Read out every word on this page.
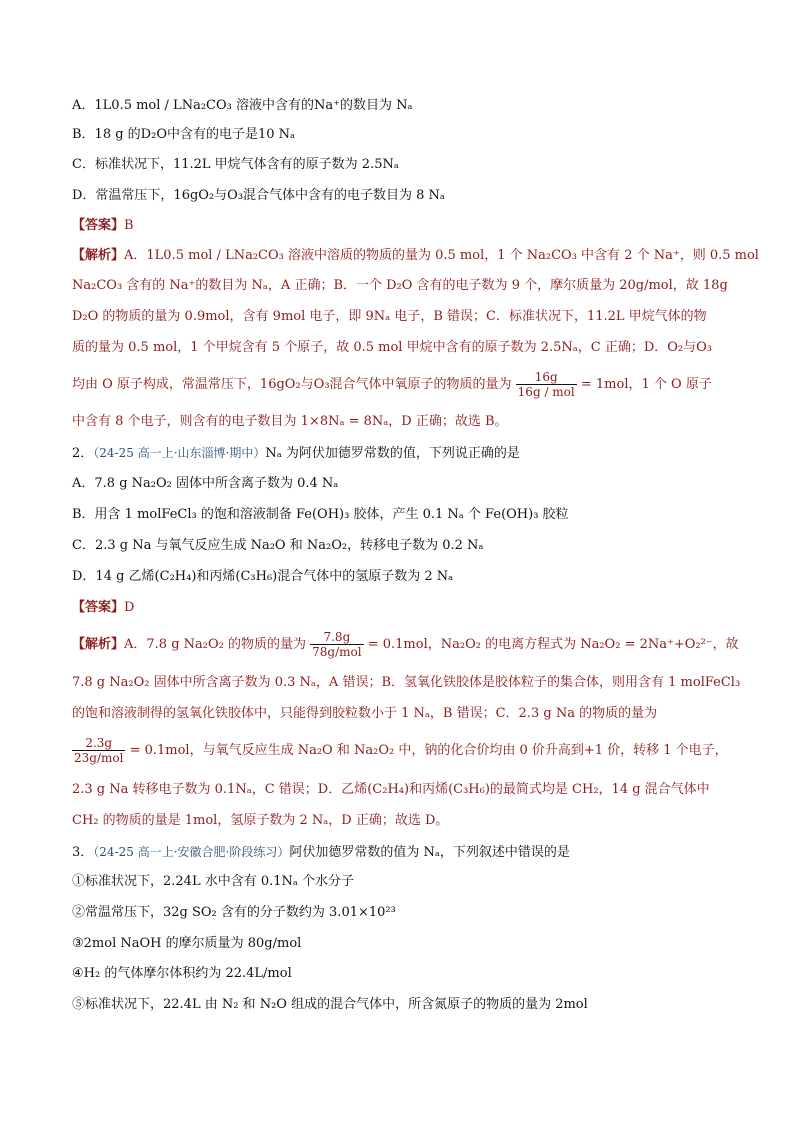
A．1L0.5 mol / LNa₂CO₃ 溶液中含有的Na⁺的数目为 Nₐ
B．18 g 的D₂O中含有的电子是10 Nₐ
C．标准状况下，11.2L 甲烷气体含有的原子数为 2.5Nₐ
D．常温常压下，16gO₂与O₃混合气体中含有的电子数目为 8 Nₐ
【答案】B
【解析】A．1L0.5 mol / LNa₂CO₃ 溶液中溶质的物质的量为 0.5 mol，1 个 Na₂CO₃ 中含有 2 个 Na⁺，则 0.5 mol
Na₂CO₃ 含有的 Na⁺的数目为 Nₐ，A 正确；B．一个 D₂O 含有的电子数为 9 个，摩尔质量为 20g/mol，故 18g
D₂O 的物质的量为 0.9mol，含有 9mol 电子，即 9Nₐ 电子，B 错误；C．标准状况下，11.2L 甲烷气体的物
质的量为 0.5 mol，1 个甲烷含有 5 个原子，故 0.5 mol 甲烷中含有的原子数为 2.5Nₐ，C 正确；D．O₂与O₃
均由 O 原子构成，常温常压下，16gO₂与O₃混合气体中氧原子的物质的量为 $\frac{16g}{\text{16g / mol}} = 1mol$，1 个 O 原子
中含有 8 个电子，则含有的电子数目为 1×8Nₐ = 8Nₐ，D 正确；故选 B。
2．（24-25 高一上·山东淄博·期中）Nₐ 为阿伏加德罗常数的值，下列说正确的是
A．7.8 g Na₂O₂ 固体中所含离子数为 0.4 Nₐ
B．用含 1 molFeCl₃ 的饱和溶液制备 Fe(OH)₃ 胶体，产生 0.1 Nₐ 个 Fe(OH)₃ 胶粒
C．2.3 g Na 与氧气反应生成 Na₂O 和 Na₂O₂，转移电子数为 0.2 Nₐ
D．14 g 乙烯(C₂H₄)和丙烯(C₃H₆)混合气体中的氢原子数为 2 Nₐ
【答案】D
【解析】A．7.8 g Na₂O₂ 的物质的量为 $\frac{7.8g}{\text{78g/mol}} = 0.1mol$，Na₂O₂ 的电离方程式为 Na₂O₂ = 2Na⁺+O₂²⁻，故
7.8 g Na₂O₂ 固体中所含离子数为 0.3 Nₐ，A 错误；B．氢氧化铁胶体是胶体粒子的集合体，则用含有 1 molFeCl₃
的饱和溶液制得的氢氧化铁胶体中，只能得到胶粒数小于 1 Nₐ，B 错误；C．2.3 g Na 的物质的量为
$\frac{2.3g}{\text{23g/mol}} = 0.1mol$，与氧气反应生成 Na₂O 和 Na₂O₂ 中，钠的化合价均由 0 价升高到+1 价，转移 1 个电子，
2.3 g Na 转移电子数为 0.1Nₐ，C 错误；D．乙烯(C₂H₄)和丙烯(C₃H₆)的最简式均是 CH₂，14 g 混合气体中
CH₂ 的物质的量是 1mol，氢原子数为 2 Nₐ，D 正确；故选 D。
3．（24-25 高一上·安徽合肥·阶段练习）阿伏加德罗常数的值为 Nₐ，下列叙述中错误的是
①标准状况下，2.24L 水中含有 0.1Nₐ 个水分子
②常温常压下，32g SO₂ 含有的分子数约为 3.01×10²³
③2mol NaOH 的摩尔质量为 80g/mol
④H₂ 的气体摩尔体积约为 22.4L/mol
⑤标准状况下，22.4L 由 N₂ 和 N₂O 组成的混合气体中，所含氮原子的物质的量为 2mol
